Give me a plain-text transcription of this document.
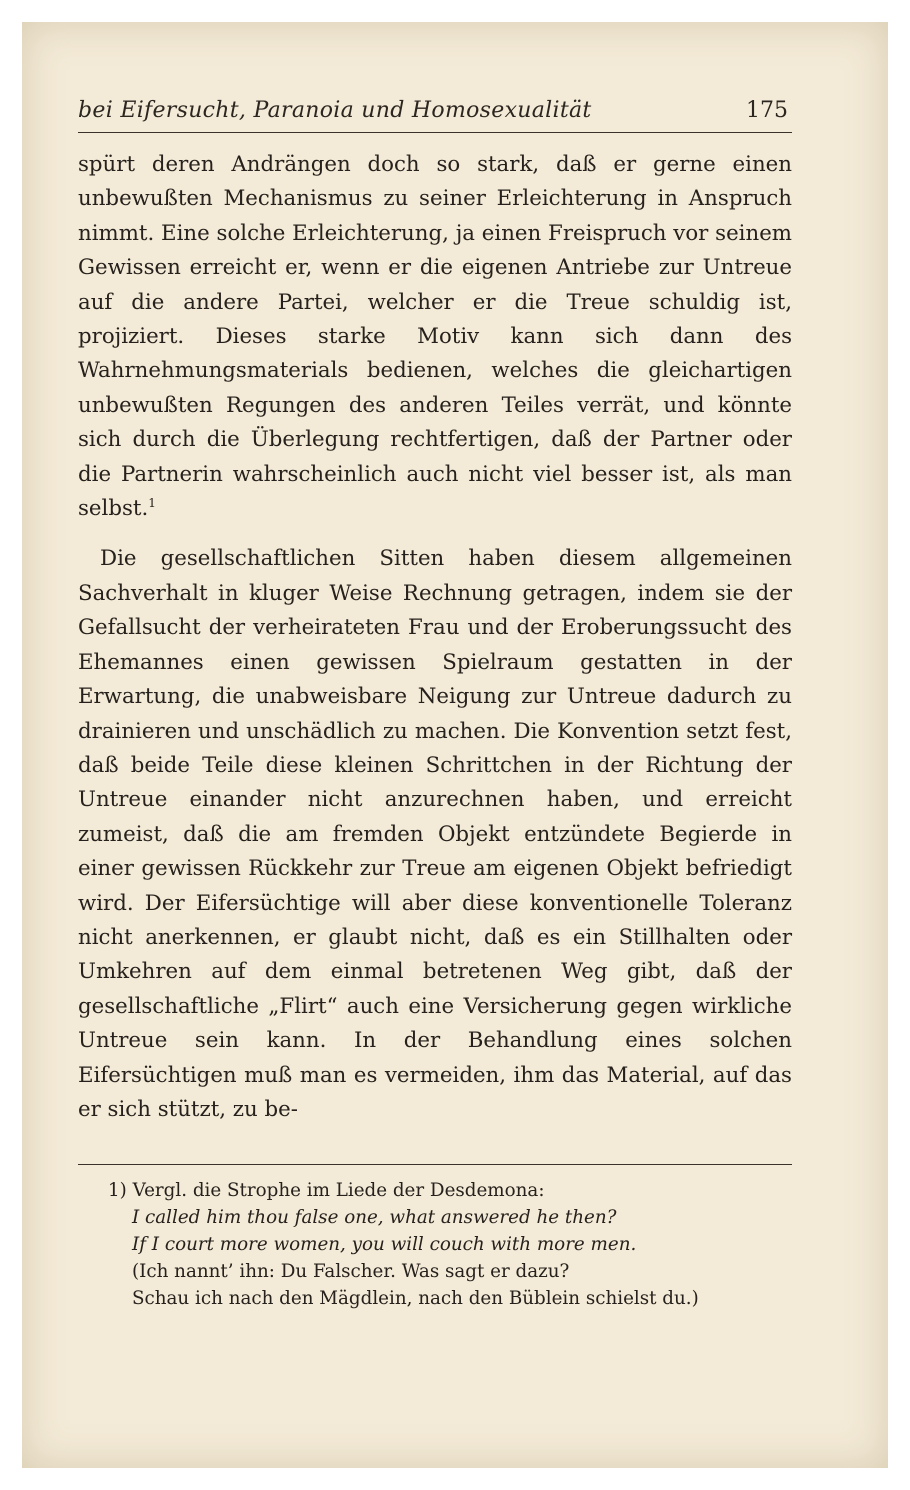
bei Eifersucht, Paranoia und Homosexualität	175

spürt deren Andrängen doch so stark, daß er gerne einen unbewußten Mechanismus zu seiner Erleichterung in Anspruch nimmt. Eine solche Erleichterung, ja einen Freispruch vor seinem Gewissen erreicht er, wenn er die eigenen Antriebe zur Untreue auf die andere Partei, welcher er die Treue schuldig ist, projiziert. Dieses starke Motiv kann sich dann des Wahrnehmungsmaterials bedienen, welches die gleichartigen unbewußten Regungen des anderen Teiles verrät, und könnte sich durch die Überlegung rechtfertigen, daß der Partner oder die Partnerin wahrscheinlich auch nicht viel besser ist, als man selbst.$^1$

Die gesellschaftlichen Sitten haben diesem allgemeinen Sachverhalt in kluger Weise Rechnung getragen, indem sie der Gefallsucht der verheirateten Frau und der Eroberungssucht des Ehemannes einen gewissen Spielraum gestatten in der Erwartung, die unabweisbare Neigung zur Untreue dadurch zu drainieren und unschädlich zu machen. Die Konvention setzt fest, daß beide Teile diese kleinen Schrittchen in der Richtung der Untreue einander nicht anzurechnen haben, und erreicht zumeist, daß die am fremden Objekt entzündete Begierde in einer gewissen Rückkehr zur Treue am eigenen Objekt befriedigt wird. Der Eifersüchtige will aber diese konventionelle Toleranz nicht anerkennen, er glaubt nicht, daß es ein Stillhalten oder Umkehren auf dem einmal betretenen Weg gibt, daß der gesellschaftliche „Flirt“ auch eine Versicherung gegen wirkliche Untreue sein kann. In der Behandlung eines solchen Eifersüchtigen muß man es vermeiden, ihm das Material, auf das er sich stützt, zu be-

1) Vergl. die Strophe im Liede der Desdemona:
I called him thou false one, what answered he then?
If I court more women, you will couch with more men.
(Ich nannt’ ihn: Du Falscher. Was sagt er dazu?
Schau ich nach den Mägdlein, nach den Büblein schielst du.)
